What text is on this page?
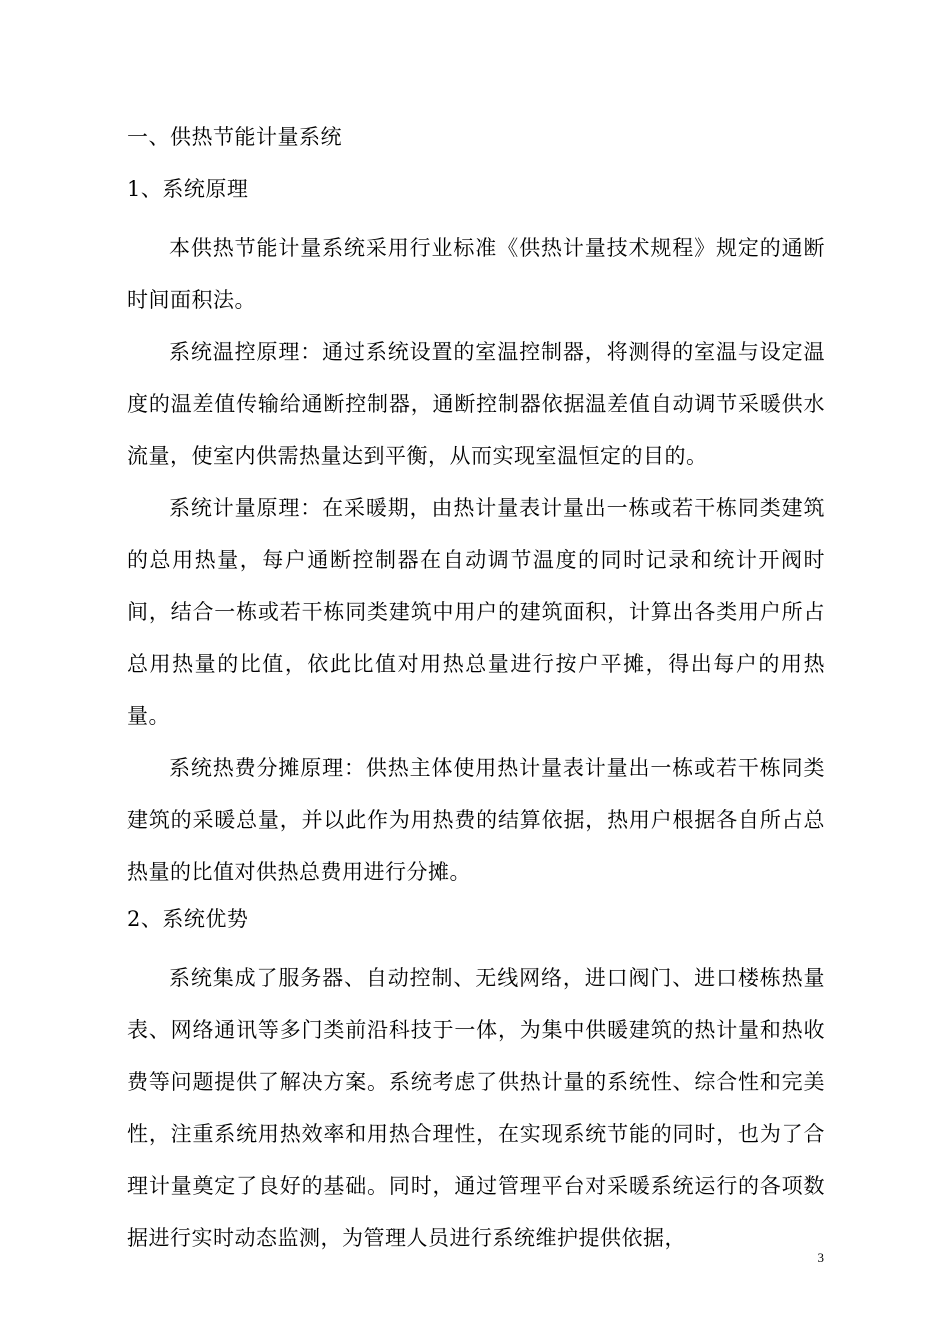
一、供热节能计量系统
1、系统原理

本供热节能计量系统采用行业标准《供热计量技术规程》规定的通断时间面积法。

系统温控原理：通过系统设置的室温控制器，将测得的室温与设定温度的温差值传输给通断控制器，通断控制器依据温差值自动调节采暖供水流量，使室内供需热量达到平衡，从而实现室温恒定的目的。

系统计量原理：在采暖期，由热计量表计量出一栋或若干栋同类建筑的总用热量，每户通断控制器在自动调节温度的同时记录和统计开阀时间，结合一栋或若干栋同类建筑中用户的建筑面积，计算出各类用户所占总用热量的比值，依此比值对用热总量进行按户平摊，得出每户的用热量。

系统热费分摊原理：供热主体使用热计量表计量出一栋或若干栋同类建筑的采暖总量，并以此作为用热费的结算依据，热用户根据各自所占总热量的比值对供热总费用进行分摊。

2、系统优势

系统集成了服务器、自动控制、无线网络，进口阀门、进口楼栋热量表、网络通讯等多门类前沿科技于一体，为集中供暖建筑的热计量和热收费等问题提供了解决方案。系统考虑了供热计量的系统性、综合性和完美性，注重系统用热效率和用热合理性，在实现系统节能的同时，也为了合理计量奠定了良好的基础。同时，通过管理平台对采暖系统运行的各项数据进行实时动态监测，为管理人员进行系统维护提供依据，

3
